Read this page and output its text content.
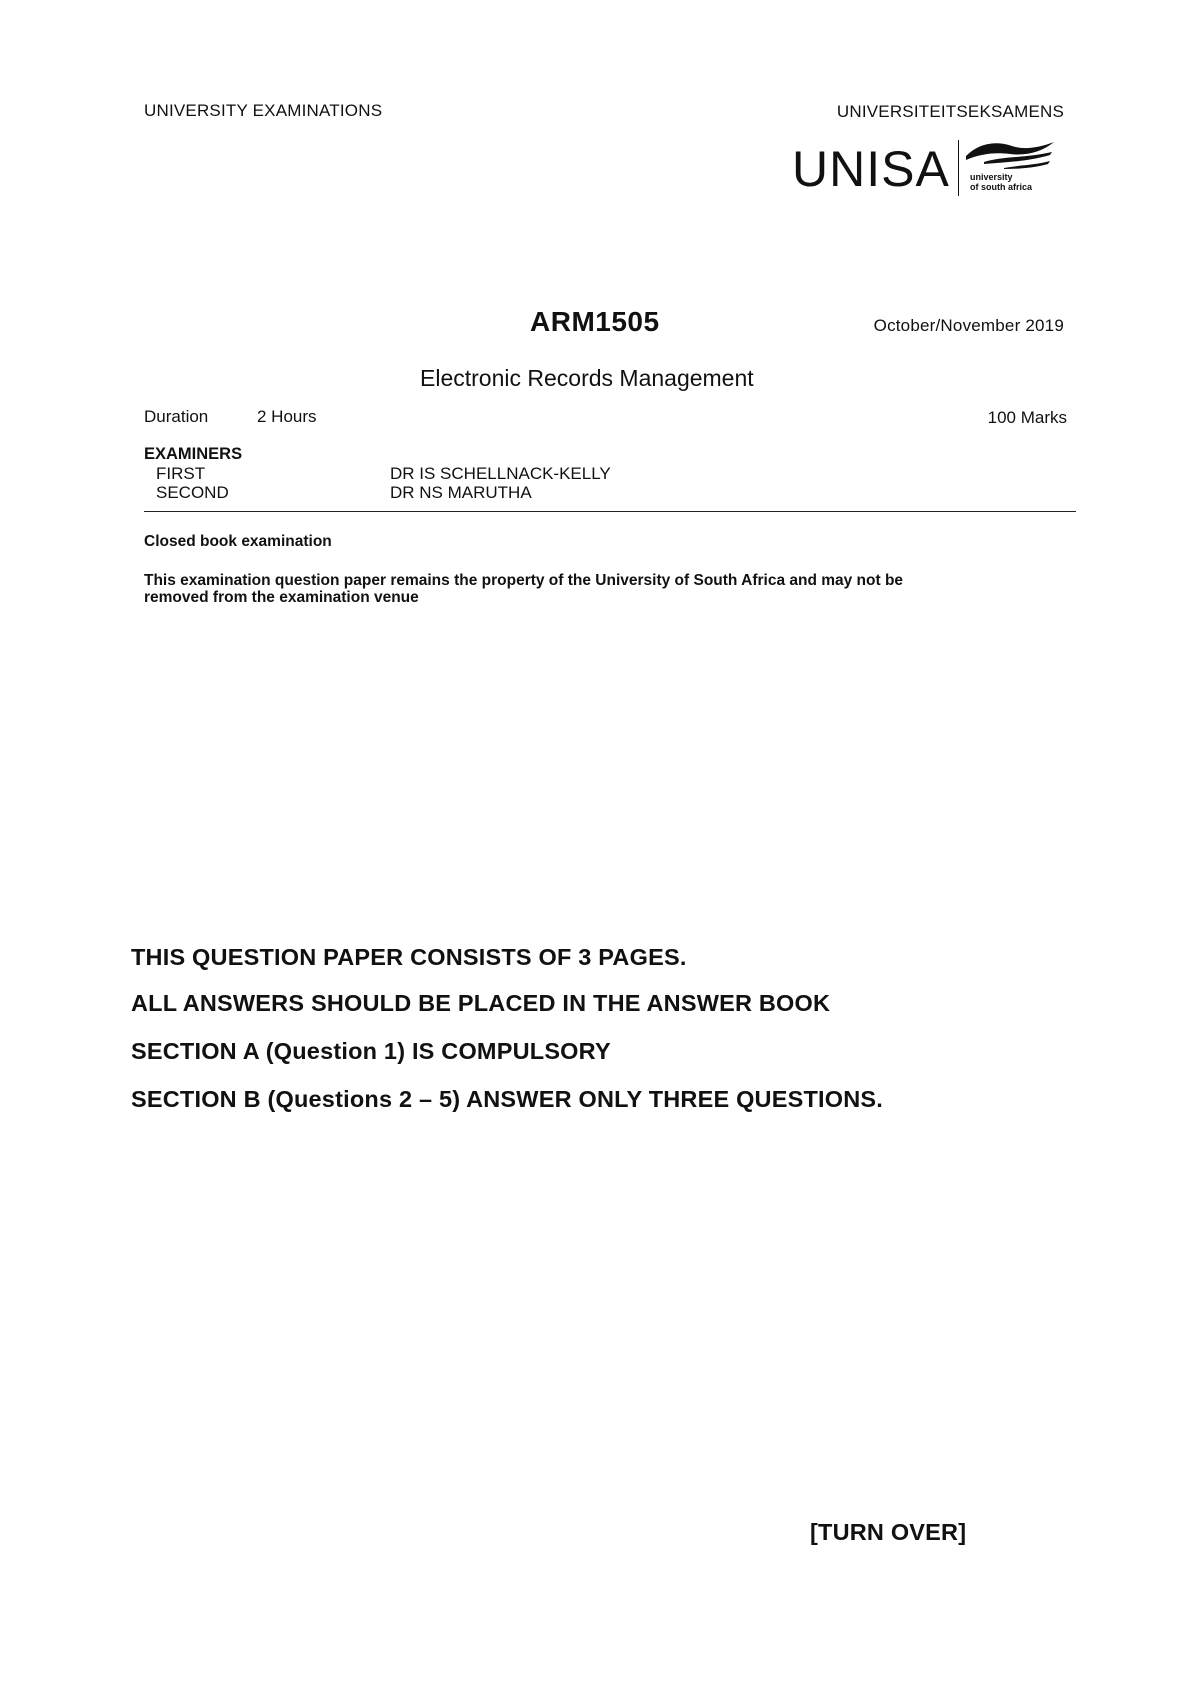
UNIVERSITY EXAMINATIONS	UNIVERSITEITSEKSAMENS
UNISA university
of south africa
ARM1505	October/November 2019
Electronic Records Management
Duration	2 Hours	100 Marks
EXAMINERS
FIRST	DR IS SCHELLNACK-KELLY
SECOND	DR NS MARUTHA
Closed book examination
This examination question paper remains the property of the University of South Africa and may not be
removed from the examination venue
THIS QUESTION PAPER CONSISTS OF 3 PAGES.
ALL ANSWERS SHOULD BE PLACED IN THE ANSWER BOOK
SECTION A (Question 1) IS COMPULSORY
SECTION B (Questions 2 – 5) ANSWER ONLY THREE QUESTIONS.
[TURN OVER]
